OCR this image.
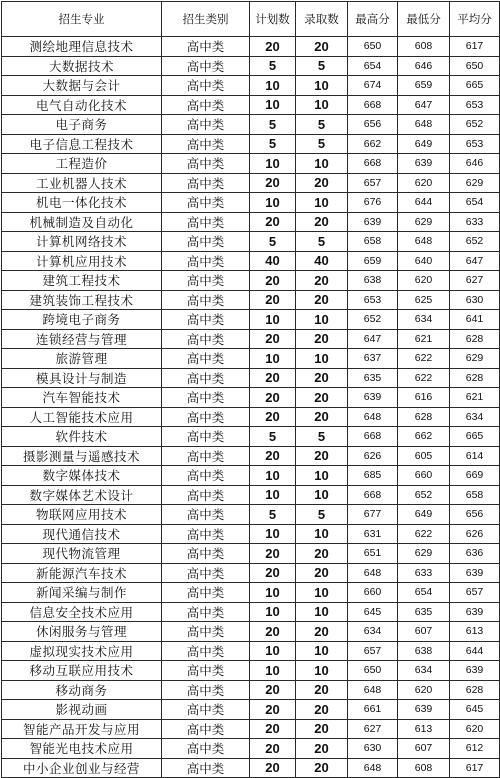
招生专业	招生类别	计划数	录取数	最高分	最低分	平均分
测绘地理信息技术	高中类	20	20	650	608	617
大数据技术	高中类	5	5	654	646	650
大数据与会计	高中类	10	10	674	659	665
电气自动化技术	高中类	10	10	668	647	653
电子商务	高中类	5	5	656	648	652
电子信息工程技术	高中类	5	5	662	649	653
工程造价	高中类	10	10	668	639	646
工业机器人技术	高中类	20	20	657	620	629
机电一体化技术	高中类	10	10	676	644	654
机械制造及自动化	高中类	20	20	639	629	633
计算机网络技术	高中类	5	5	658	648	652
计算机应用技术	高中类	40	40	659	640	647
建筑工程技术	高中类	20	20	638	620	627
建筑装饰工程技术	高中类	20	20	653	625	630
跨境电子商务	高中类	10	10	652	634	641
连锁经营与管理	高中类	20	20	647	621	628
旅游管理	高中类	10	10	637	622	629
模具设计与制造	高中类	20	20	635	622	628
汽车智能技术	高中类	20	20	639	616	621
人工智能技术应用	高中类	20	20	648	628	634
软件技术	高中类	5	5	668	662	665
摄影测量与遥感技术	高中类	20	20	626	605	614
数字媒体技术	高中类	10	10	685	660	669
数字媒体艺术设计	高中类	10	10	668	652	658
物联网应用技术	高中类	5	5	677	649	656
现代通信技术	高中类	10	10	631	622	626
现代物流管理	高中类	20	20	651	629	636
新能源汽车技术	高中类	20	20	648	633	639
新闻采编与制作	高中类	10	10	660	654	657
信息安全技术应用	高中类	10	10	645	635	639
休闲服务与管理	高中类	20	20	634	607	613
虚拟现实技术应用	高中类	10	10	657	638	644
移动互联应用技术	高中类	10	10	650	634	639
移动商务	高中类	20	20	648	620	628
影视动画	高中类	20	20	661	639	645
智能产品开发与应用	高中类	20	20	627	613	620
智能光电技术应用	高中类	20	20	630	607	612
中小企业创业与经营	高中类	20	20	648	608	617
